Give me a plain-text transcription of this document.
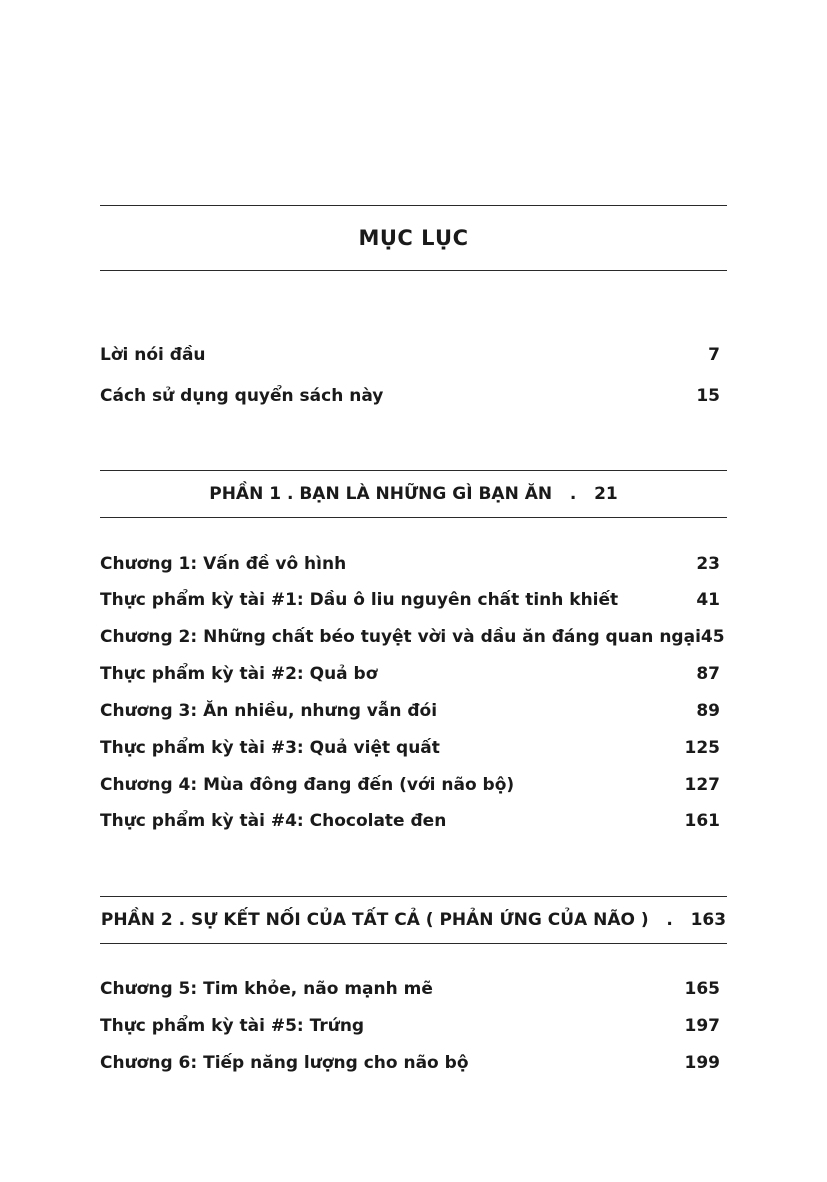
MỤC LỤC
Lời nói đầu	7
Cách sử dụng quyển sách này	15
PHẦN 1 . BẠN LÀ NHỮNG GÌ BẠN ĂN   .   21
Chương 1: Vấn đề vô hình	23
Thực phẩm kỳ tài #1: Dầu ô liu nguyên chất tinh khiết	41
Chương 2: Những chất béo tuyệt vời và dầu ăn đáng quan ngại 45
Thực phẩm kỳ tài #2: Quả bơ	87
Chương 3: Ăn nhiều, nhưng vẫn đói	89
Thực phẩm kỳ tài #3: Quả việt quất	125
Chương 4: Mùa đông đang đến (với não bộ)	127
Thực phẩm kỳ tài #4: Chocolate đen	161
PHẦN 2 . SỰ KẾT NỐI CỦA TẤT CẢ ( PHẢN ỨNG CỦA NÃO )   .   163
Chương 5: Tim khỏe, não mạnh mẽ	165
Thực phẩm kỳ tài #5: Trứng	197
Chương 6: Tiếp năng lượng cho não bộ	199
